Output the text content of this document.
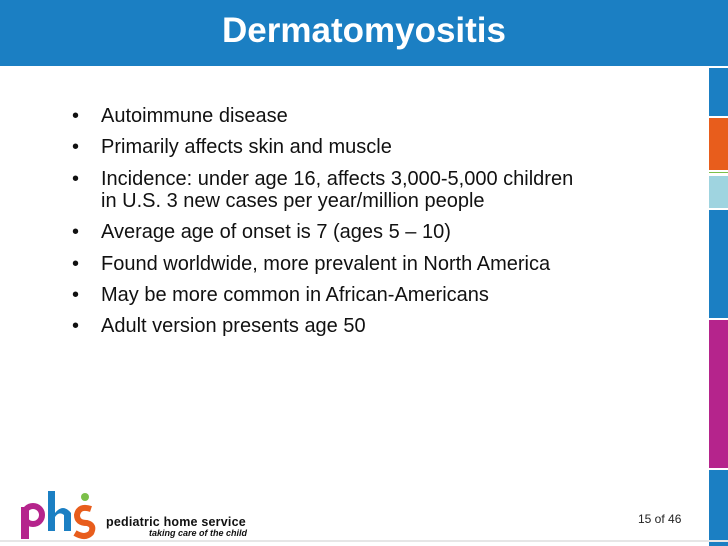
Dermatomyositis
• Autoimmune disease
• Primarily affects skin and muscle
• Incidence: under age 16, affects 3,000-5,000 children
in U.S. 3 new cases per year/million people
• Average age of onset is 7 (ages 5 – 10)
• Found worldwide, more prevalent in North America
• May be more common in African-Americans
• Adult version presents age 50
pediatric home service
taking care of the child
15 of 46
